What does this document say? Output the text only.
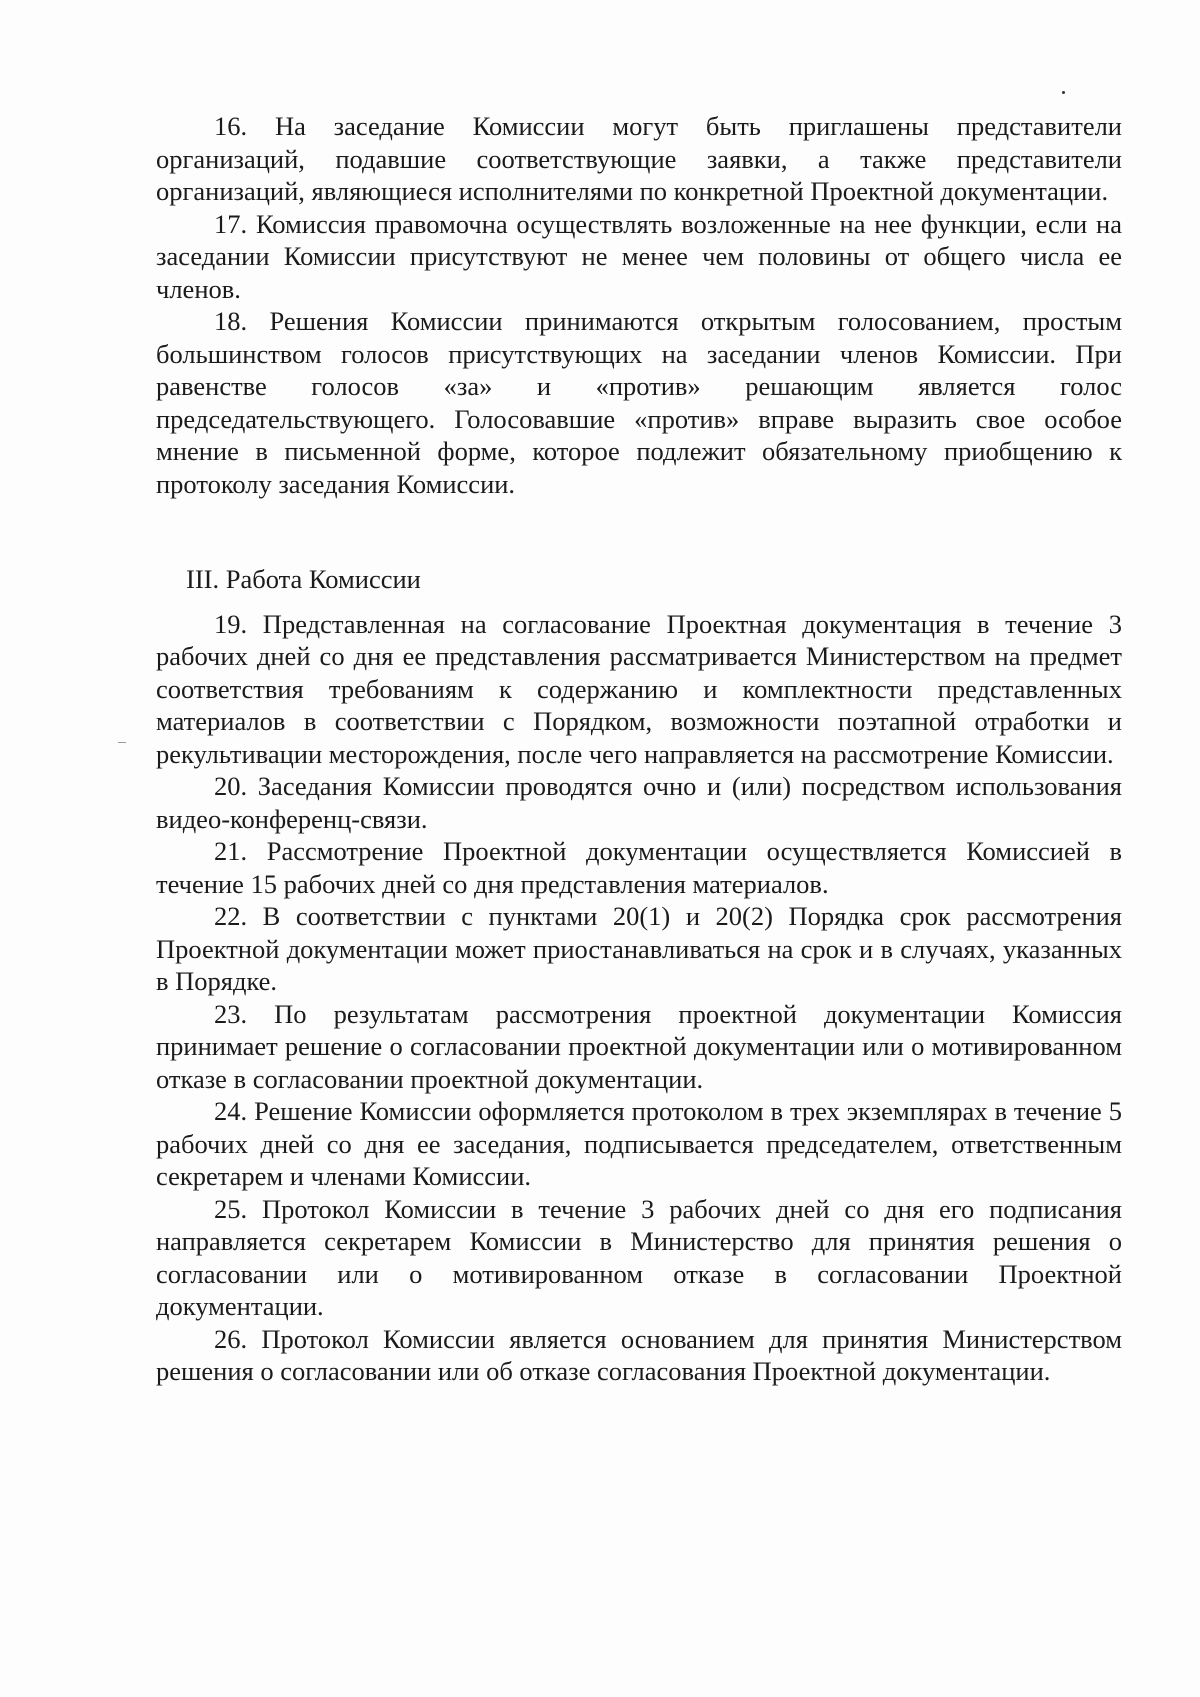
16. На заседание Комиссии могут быть приглашены представители организаций, подавшие соответствующие заявки, а также представители организаций, являющиеся исполнителями по конкретной Проектной документации.

17. Комиссия правомочна осуществлять возложенные на нее функции, если на заседании Комиссии присутствуют не менее чем половины от общего числа ее членов.

18. Решения Комиссии принимаются открытым голосованием, простым большинством голосов присутствующих на заседании членов Комиссии. При равенстве голосов «за» и «против» решающим является голос председательствующего. Голосовавшие «против» вправе выразить свое особое мнение в письменной форме, которое подлежит обязательному приобщению к протоколу заседания Комиссии.

III. Работа Комиссии

19. Представленная на согласование Проектная документация в течение 3 рабочих дней со дня ее представления рассматривается Министерством на предмет соответствия требованиям к содержанию и комплектности представленных материалов в соответствии с Порядком, возможности поэтапной отработки и рекультивации месторождения, после чего направляется на рассмотрение Комиссии.

20. Заседания Комиссии проводятся очно и (или) посредством использования видео-конференц-связи.

21. Рассмотрение Проектной документации осуществляется Комиссией в течение 15 рабочих дней со дня представления материалов.

22. В соответствии с пунктами 20(1) и 20(2) Порядка срок рассмотрения Проектной документации может приостанавливаться на срок и в случаях, указанных в Порядке.

23. По результатам рассмотрения проектной документации Комиссия принимает решение о согласовании проектной документации или о мотивированном отказе в согласовании проектной документации.

24. Решение Комиссии оформляется протоколом в трех экземплярах в течение 5 рабочих дней со дня ее заседания, подписывается председателем, ответственным секретарем и членами Комиссии.

25. Протокол Комиссии в течение 3 рабочих дней со дня его подписания направляется секретарем Комиссии в Министерство для принятия решения о согласовании или о мотивированном отказе в согласовании Проектной документации.

26. Протокол Комиссии является основанием для принятия Министерством решения о согласовании или об отказе согласования Проектной документации.
